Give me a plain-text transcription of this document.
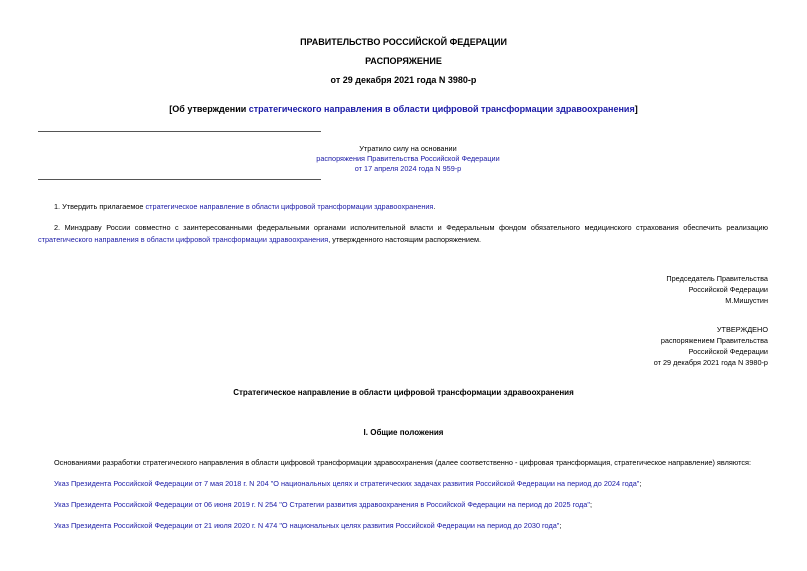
ПРАВИТЕЛЬСТВО РОССИЙСКОЙ ФЕДЕРАЦИИ
РАСПОРЯЖЕНИЕ
от 29 декабря 2021 года N 3980-р
[Об утверждении стратегического направления в области цифровой трансформации здравоохранения]
Утратило силу на основании
распоряжения Правительства Российской Федерации
от 17 апреля 2024 года N 959-р
1. Утвердить прилагаемое стратегическое направление в области цифровой трансформации здравоохранения.
2. Минздраву России совместно с заинтересованными федеральными органами исполнительной власти и Федеральным фондом обязательного медицинского страхования обеспечить реализацию стратегического направления в области цифровой трансформации здравоохранения, утвержденного настоящим распоряжением.
Председатель Правительства
Российской Федерации
М.Мишустин
УТВЕРЖДЕНО
распоряжением Правительства
Российской Федерации
от 29 декабря 2021 года N 3980-р
Стратегическое направление в области цифровой трансформации здравоохранения
I. Общие положения
Основаниями разработки стратегического направления в области цифровой трансформации здравоохранения (далее соответственно - цифровая трансформация, стратегическое направление) являются:
Указ Президента Российской Федерации от 7 мая 2018 г. N 204 "О национальных целях и стратегических задачах развития Российской Федерации на период до 2024 года";
Указ Президента Российской Федерации от 06 июня 2019 г. N 254 "О Стратегии развития здравоохранения в Российской Федерации на период до 2025 года";
Указ Президента Российской Федерации от 21 июля 2020 г. N 474 "О национальных целях развития Российской Федерации на период до 2030 года";
